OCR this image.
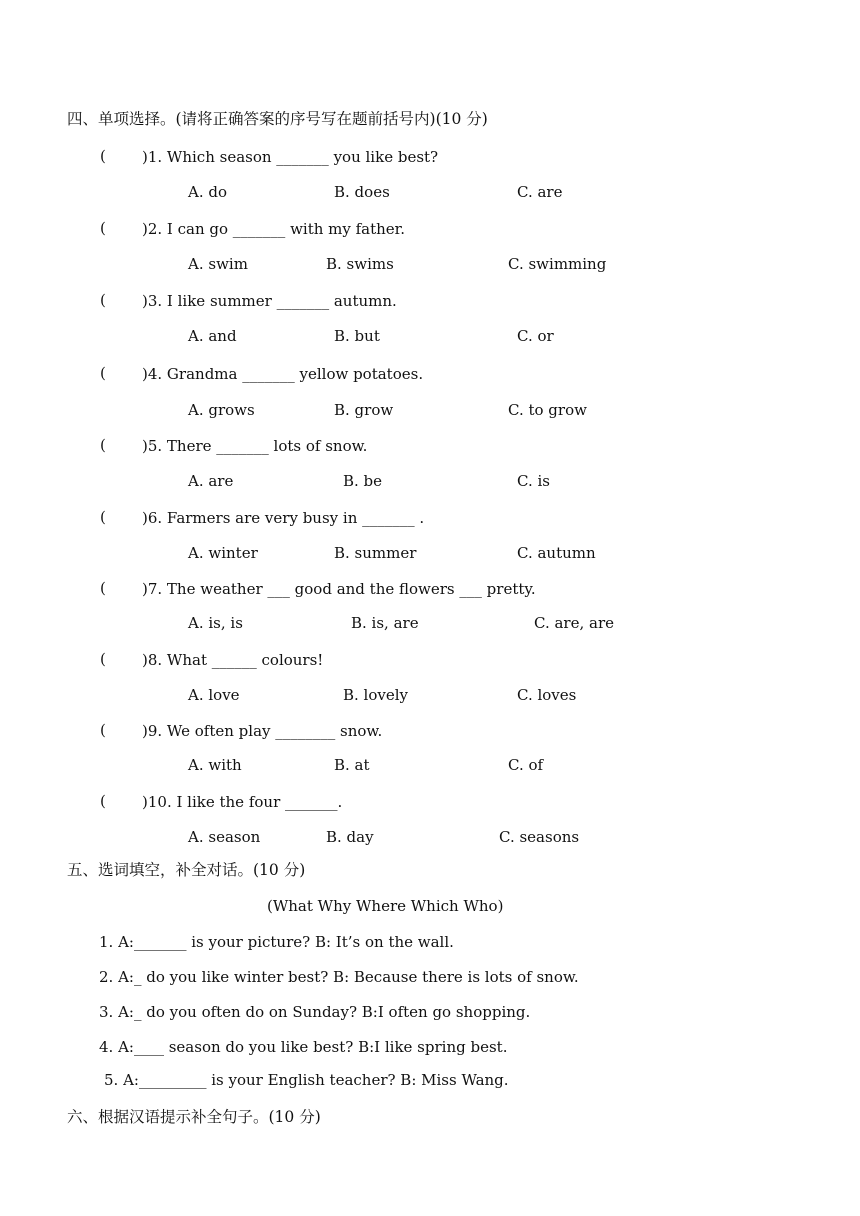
四、单项选择。(请将正确答案的序号写在题前括号内)(10 分)
( )1. Which season _______ you like best?
A. do	B. does	C. are
( )2. I can go _______ with my father.
A. swim	B. swims	C. swimming
( )3. I like summer _______ autumn.
A. and	B. but	C. or
( )4. Grandma _______ yellow potatoes.
A. grows	B. grow	C. to grow
( )5. There _______ lots of snow.
A. are	B. be	C. is
( )6. Farmers are very busy in _______ .
A. winter	B. summer	C. autumn
( )7. The weather ___ good and the flowers ___ pretty.
A. is, is	B. is, are	C. are, are
( )8. What ______ colours!
A. love	B. lovely	C. loves
( )9. We often play ________ snow.
A. with	B. at	C. of
( )10. I like the four _______.
A. season	B. day	C. seasons
五、选词填空，补全对话。(10 分)
(What Why Where Which Who)
1. A:_______ is your picture? B: It’s on the wall.
2. A:_ do you like winter best? B: Because there is lots of snow.
3. A:_ do you often do on Sunday? B:I often go shopping.
4. A:____ season do you like best? B:I like spring best.
5. A:_________ is your English teacher? B: Miss Wang.
六、根据汉语提示补全句子。(10 分)
